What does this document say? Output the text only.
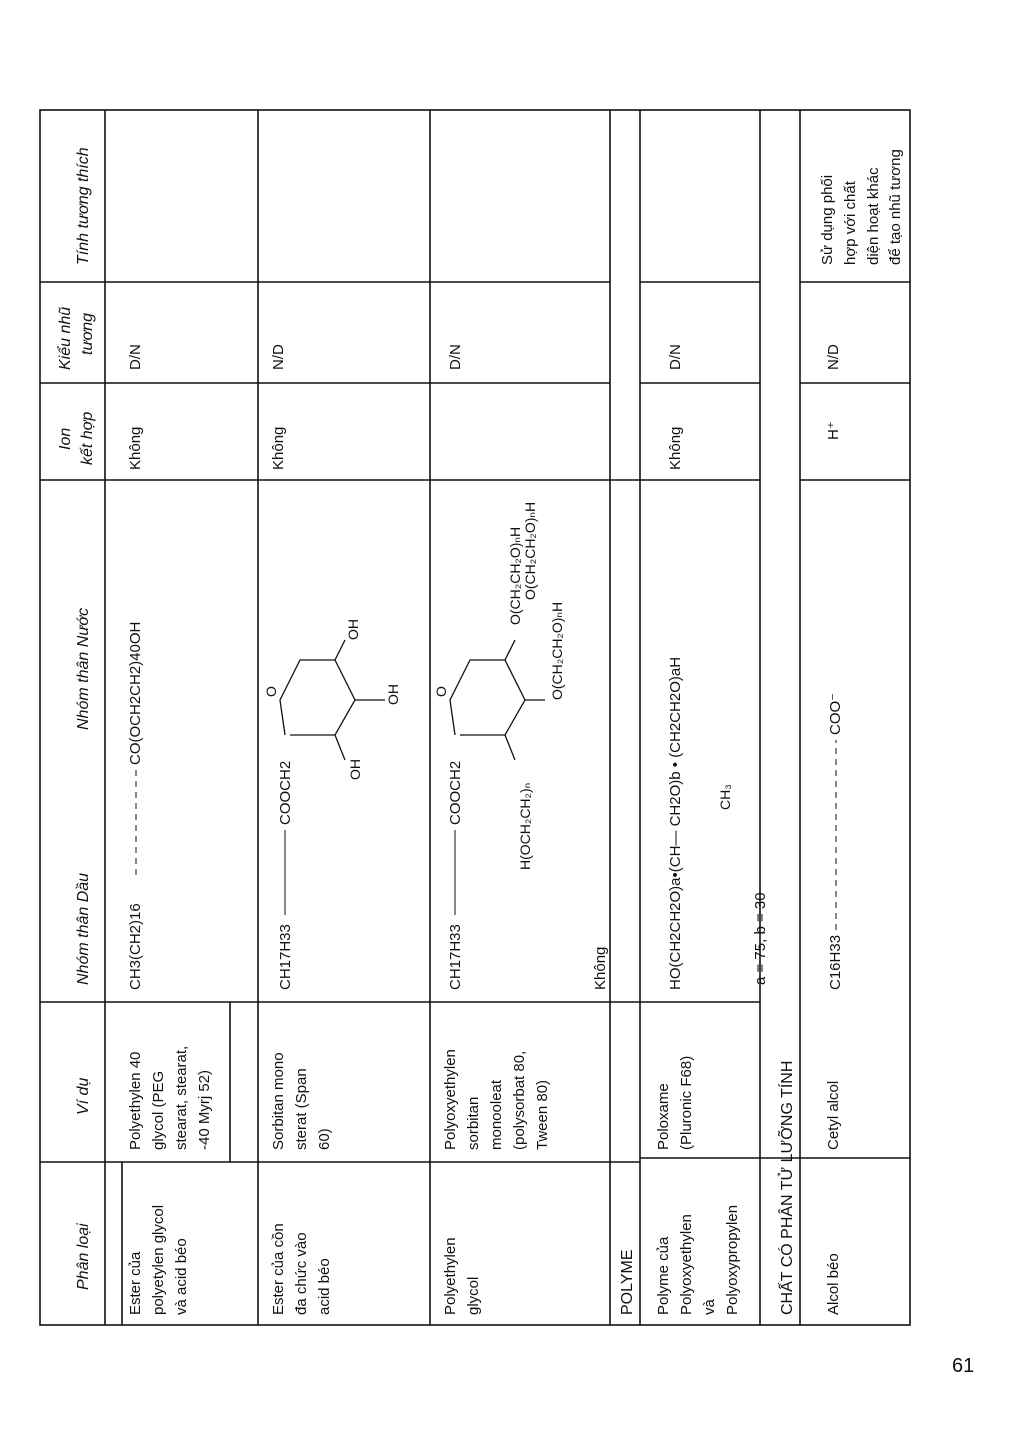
Phân loại
Ví dụ
Nhóm thân Dầu
Nhóm thân Nước
Ion kết hợp
Kiểu nhũ tương
Tính tương thích
Ester của polyetylen glycol và acid béo
Polyethylen 40 glycol (PEG stearat, stearat, -40 Myrj 52)
CH3(CH2)16
CO(OCH2CH2)40OH
Không
D/N
Ester của cồn đa chức vào acid béo
Sorbitan mono sterat (Span 60)
CH17H33
COOCH2
O
OH
OH
OH
Không
N/D
Polyethylen glycol
Polyoxyethylen sorbitan monooleat (polysorbat 80, Tween 80)
CH17H33
COOCH2
O
H(OCH₂CH₂)ₙ
O(CH₂CH₂O)ₙH
O(CH₂CH₂O)ₙH O(CH₂CH₂O)ₙH
Không
D/N
POLYME Polyme của Polyoxyethylen và Polyoxypropylen
Poloxame (Pluronic F68)
HO(CH2CH2O)a•(CH— CH2O)b • (CH2CH2O)aH CH₃
a = 75, b = 30
Không
D/N
CHẤT CÓ PHÂN TỬ LƯỠNG TÍNH Alcol béo
Cetyl alcol
C16H33
COO⁻
H⁺
N/D
Sử dụng phối hợp với chất diện hoạt khác để tạo nhũ tương
61
